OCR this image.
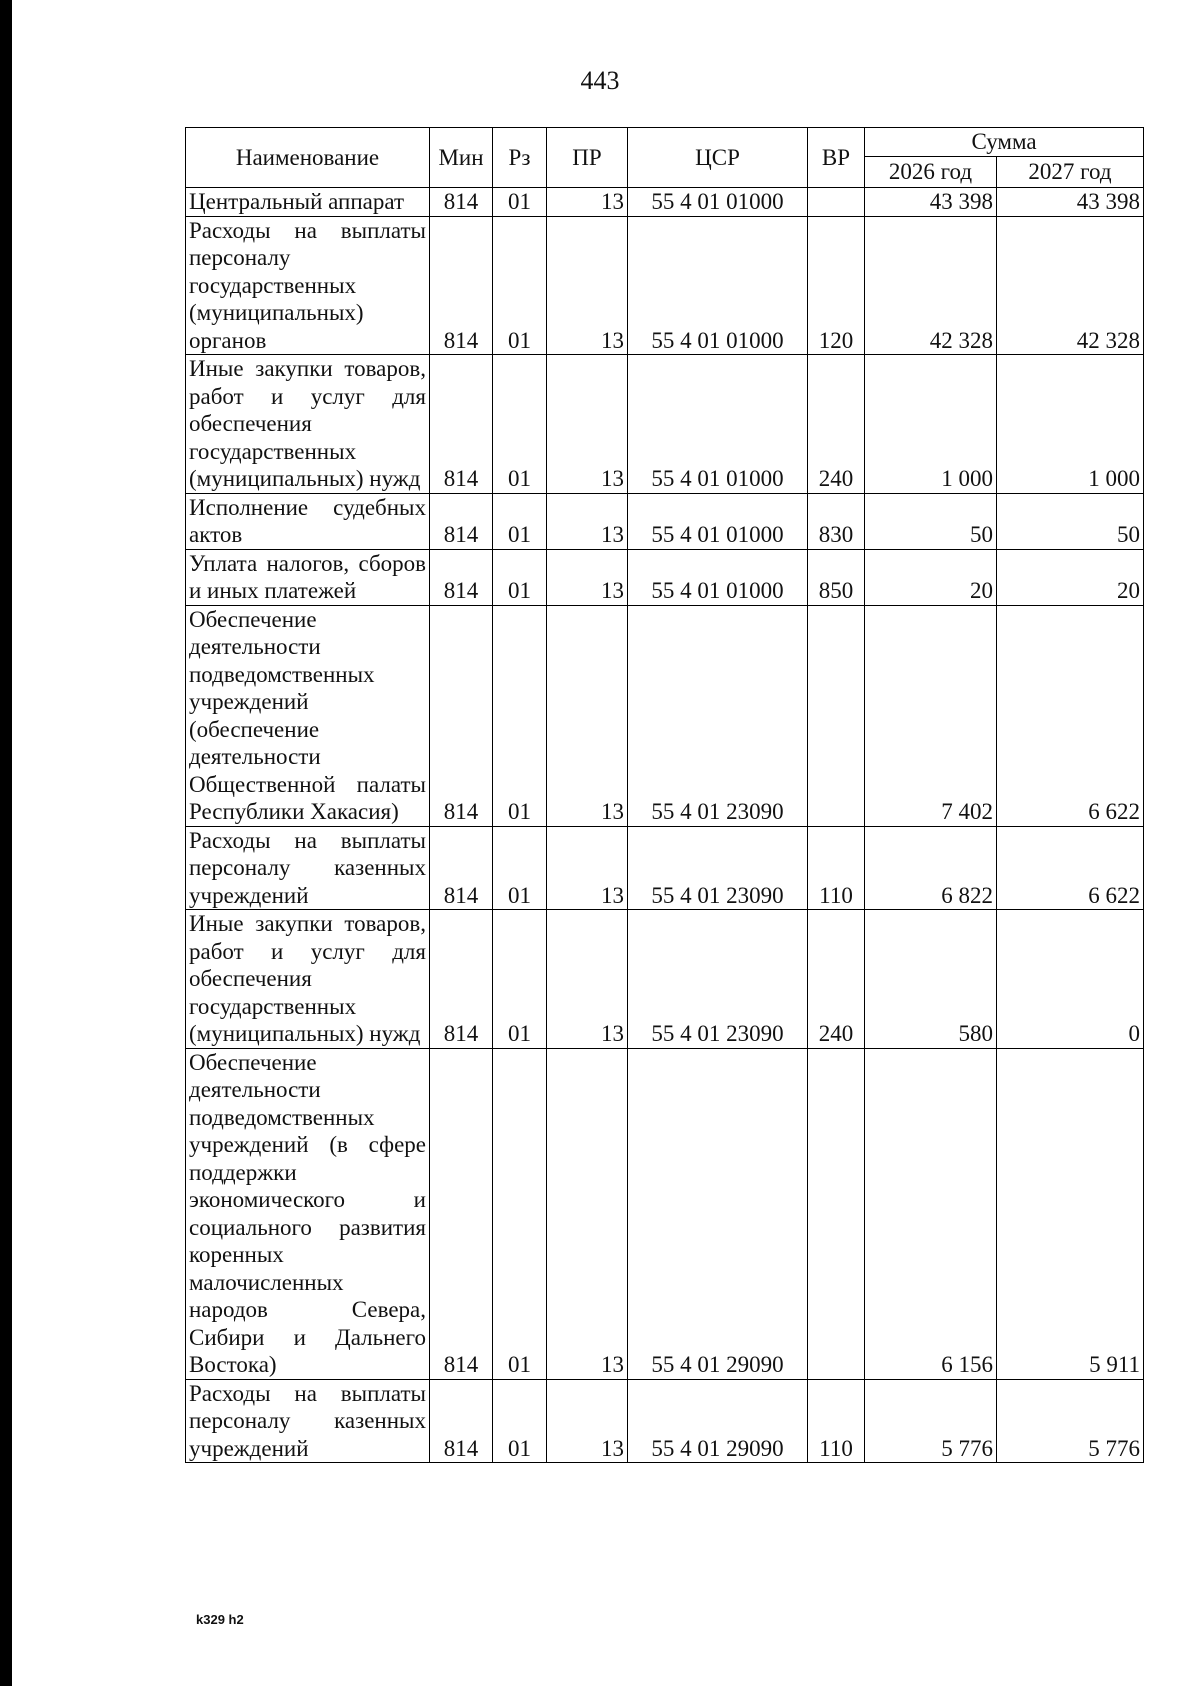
443
Наименование	Мин	Рз	ПР	ЦСР	ВР	Сумма	
						2026 год	2027 год
Центральный аппарат	814	01	13	55 4 01 01000		43 398	43 398
Расходы на выплаты персоналу государственных (муниципальных) органов	814	01	13	55 4 01 01000	120	42 328	42 328
Иные закупки товаров, работ и услуг для обеспечения государственных (муниципальных) нужд	814	01	13	55 4 01 01000	240	1 000	1 000
Исполнение судебных актов	814	01	13	55 4 01 01000	830	50	50
Уплата налогов, сборов и иных платежей	814	01	13	55 4 01 01000	850	20	20
Обеспечение деятельности подведомственных учреждений (обеспечение деятельности Общественной палаты Республики Хакасия)	814	01	13	55 4 01 23090		7 402	6 622
Расходы на выплаты персоналу казенных учреждений	814	01	13	55 4 01 23090	110	6 822	6 622
Иные закупки товаров, работ и услуг для обеспечения государственных (муниципальных) нужд	814	01	13	55 4 01 23090	240	580	0
Обеспечение деятельности подведомственных учреждений (в сфере поддержки экономического и социального развития коренных малочисленных народов Севера, Сибири и Дальнего Востока)	814	01	13	55 4 01 29090		6 156	5 911
Расходы на выплаты персоналу казенных учреждений	814	01	13	55 4 01 29090	110	5 776	5 776
k329 h2
